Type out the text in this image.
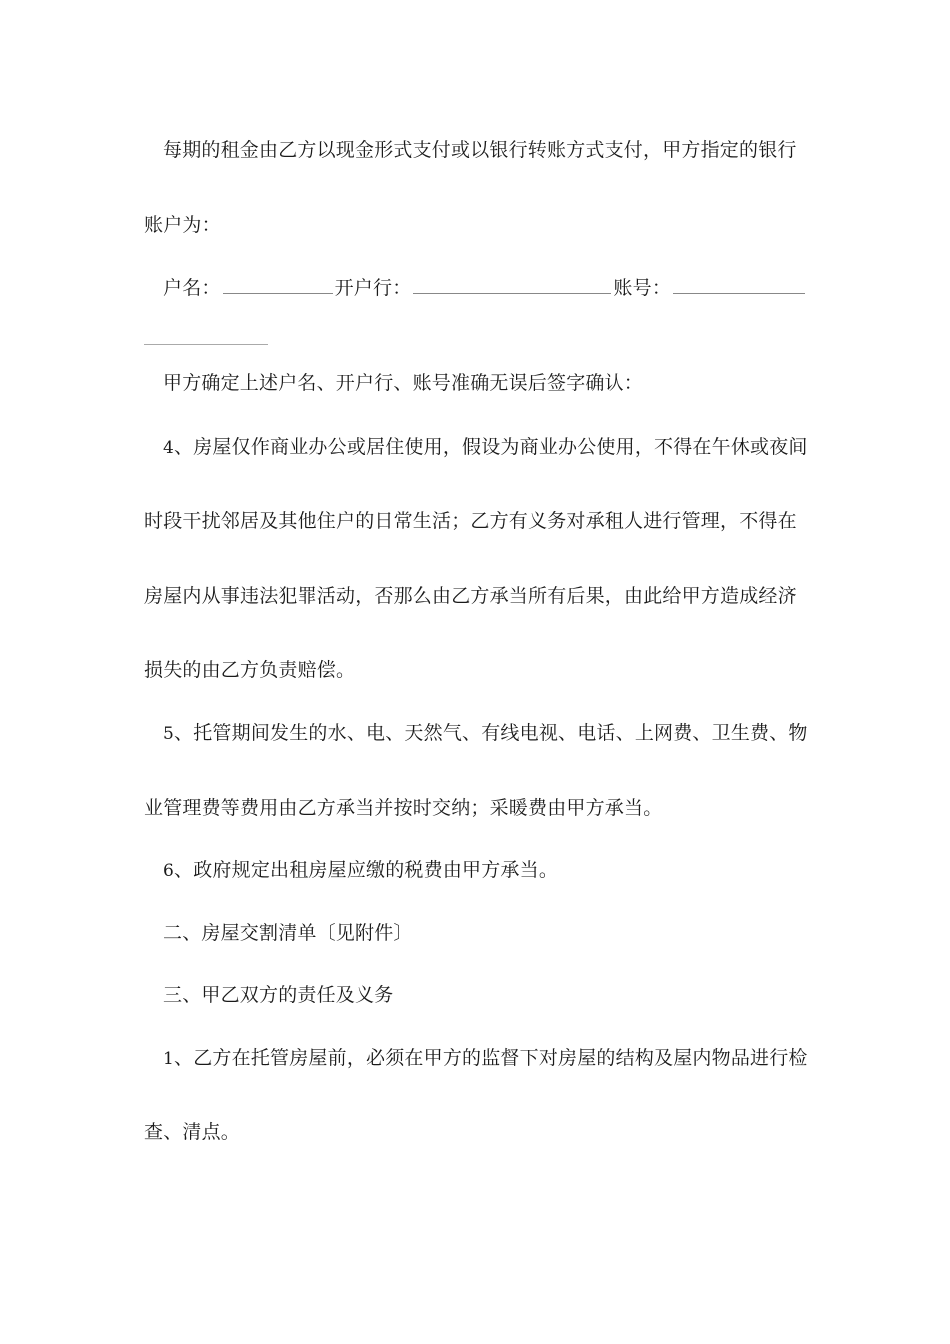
每期的租金由乙方以现金形式支付或以银行转账方式支付，甲方指定的银行
账户为：
户名：	开户行：	账号：
甲方确定上述户名、开户行、账号准确无误后签字确认：
4、房屋仅作商业办公或居住使用，假设为商业办公使用，不得在午休或夜间
时段干扰邻居及其他住户的日常生活；乙方有义务对承租人进行管理，不得在
房屋内从事违法犯罪活动，否那么由乙方承当所有后果，由此给甲方造成经济
损失的由乙方负责赔偿。
5、托管期间发生的水、电、天然气、有线电视、电话、上网费、卫生费、物
业管理费等费用由乙方承当并按时交纳；采暖费由甲方承当。
6、政府规定出租房屋应缴的税费由甲方承当。
二、房屋交割清单〔见附件〕
三、甲乙双方的责任及义务
1、乙方在托管房屋前，必须在甲方的监督下对房屋的结构及屋内物品进行检
查、清点。
